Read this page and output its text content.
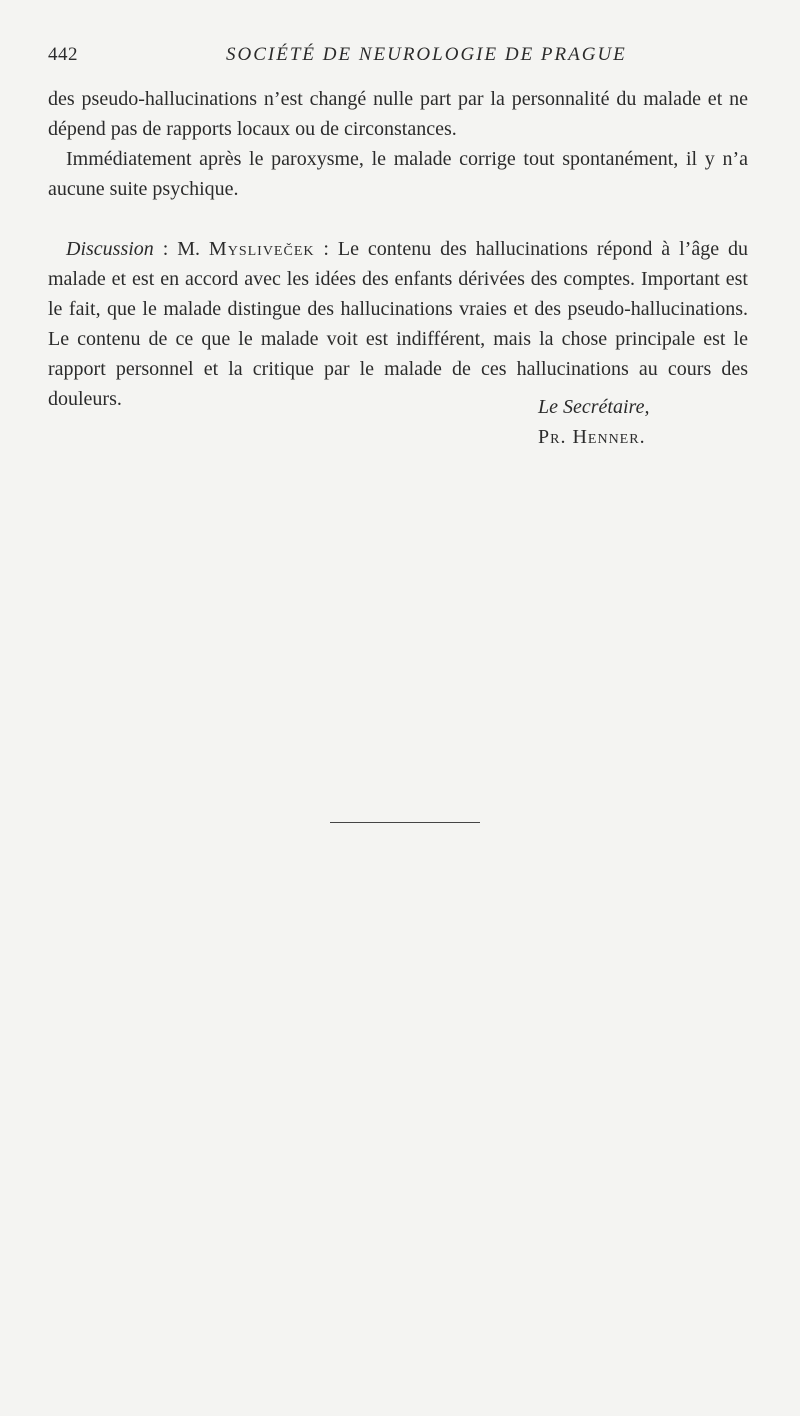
442	SOCIÉTÉ DE NEUROLOGIE DE PRAGUE

des pseudo-hallucinations n’est changé nulle part par la personnalité du malade et ne dépend pas de rapports locaux ou de circonstances.

Immédiatement après le paroxysme, le malade corrige tout spontanément, il y n’a aucune suite psychique.

Discussion : M. Mysliveček : Le contenu des hallucinations répond à l’âge du malade et est en accord avec les idées des enfants dérivées des comptes. Important est le fait, que le malade distingue des hallucinations vraies et des pseudo-hallucinations. Le contenu de ce que le malade voit est indifférent, mais la chose principale est le rapport personnel et la critique par le malade de ces hallucinations au cours des douleurs.	Le Secrétaire,
Pr. Henner.
